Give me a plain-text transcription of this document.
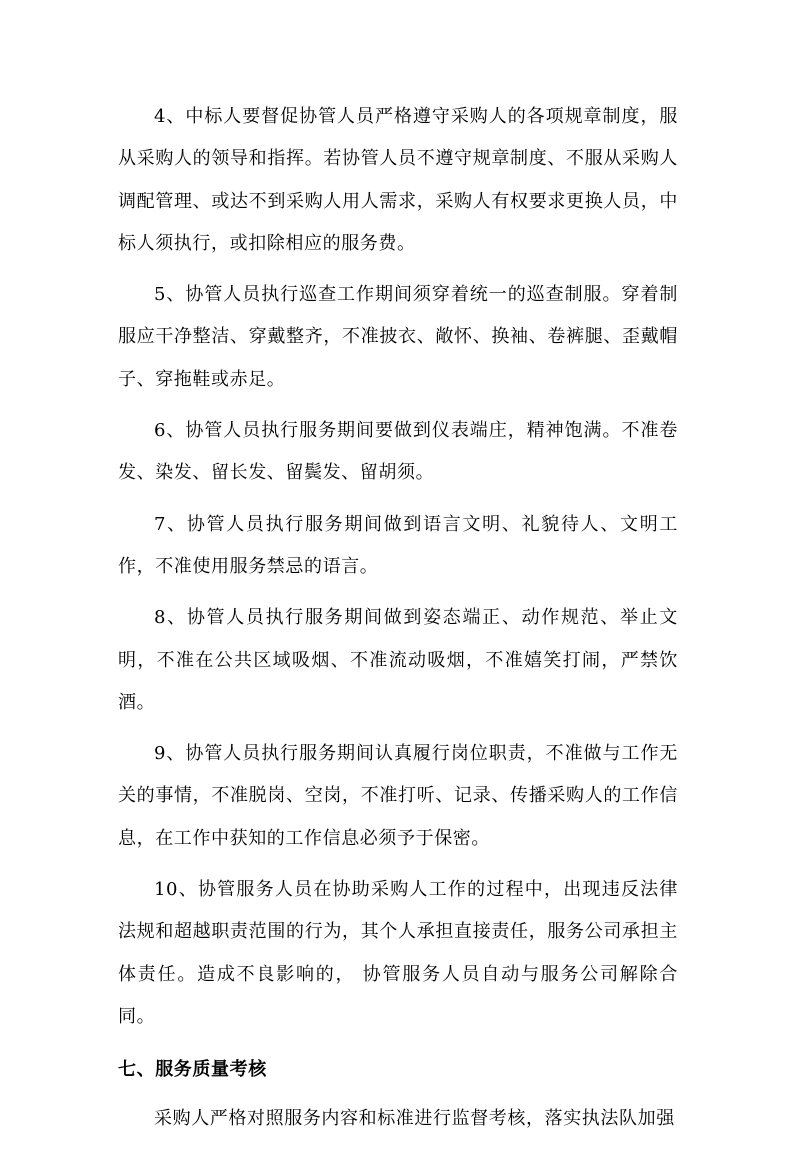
4、中标人要督促协管人员严格遵守采购人的各项规章制度，服从采购人的领导和指挥。若协管人员不遵守规章制度、不服从采购人调配管理、或达不到采购人用人需求，采购人有权要求更换人员，中标人须执行，或扣除相应的服务费。

5、协管人员执行巡查工作期间须穿着统一的巡查制服。穿着制服应干净整洁、穿戴整齐，不准披衣、敞怀、换袖、卷裤腿、歪戴帽子、穿拖鞋或赤足。

6、协管人员执行服务期间要做到仪表端庄，精神饱满。不准卷发、染发、留长发、留鬓发、留胡须。

7、协管人员执行服务期间做到语言文明、礼貌待人、文明工作，不准使用服务禁忌的语言。

8、协管人员执行服务期间做到姿态端正、动作规范、举止文明，不准在公共区域吸烟、不准流动吸烟，不准嬉笑打闹，严禁饮酒。

9、协管人员执行服务期间认真履行岗位职责，不准做与工作无关的事情，不准脱岗、空岗，不准打听、记录、传播采购人的工作信息，在工作中获知的工作信息必须予于保密。

10、协管服务人员在协助采购人工作的过程中，出现违反法律法规和超越职责范围的行为，其个人承担直接责任，服务公司承担主体责任。造成不良影响的， 协管服务人员自动与服务公司解除合同。

七、服务质量考核

采购人严格对照服务内容和标准进行监督考核，落实执法队加强
